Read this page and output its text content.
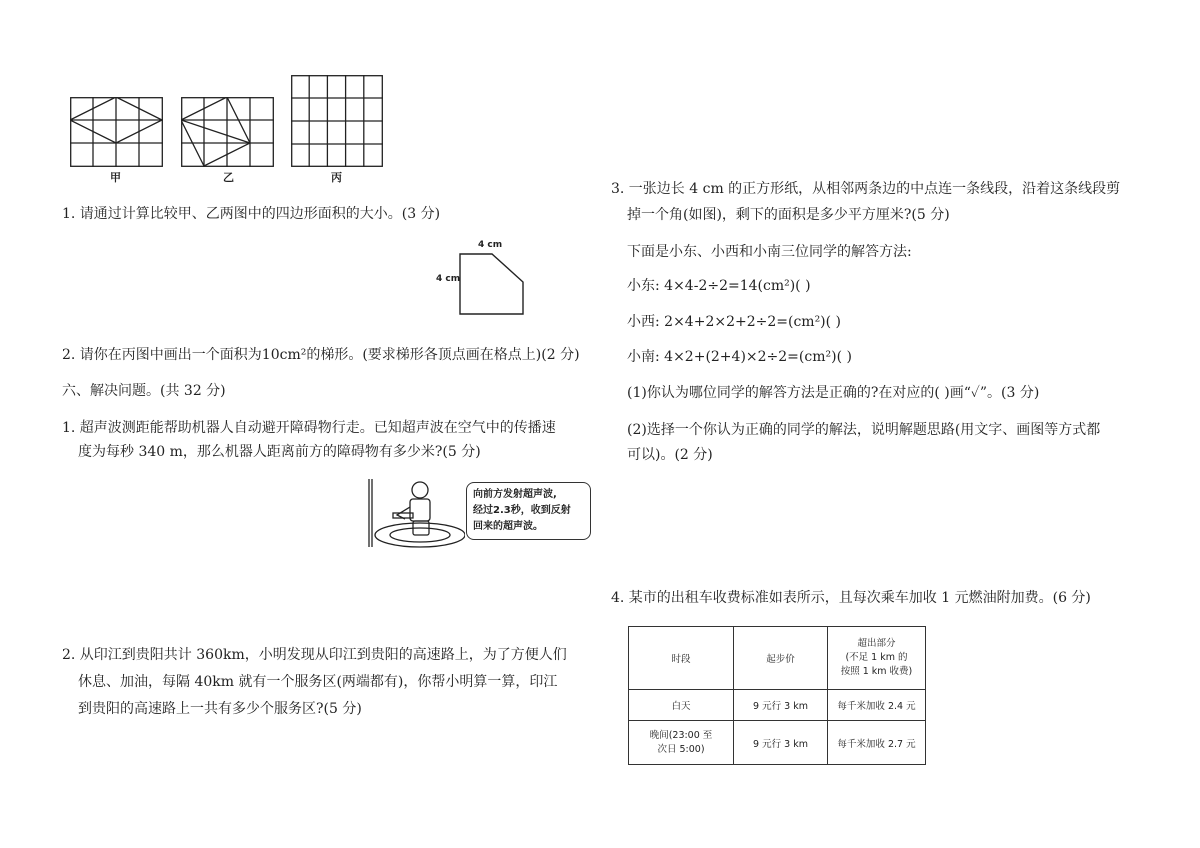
甲	乙	丙
1. 请通过计算比较甲、乙两图中的四边形面积的大小。(3 分)
4 cm
4 cm
2. 请你在丙图中画出一个面积为10cm²的梯形。(要求梯形各顶点画在格点上)(2 分)
六、解决问题。(共 32 分)
1. 超声波测距能帮助机器人自动避开障碍物行走。已知超声波在空气中的传播速
度为每秒 340 m，那么机器人距离前方的障碍物有多少米?(5 分)
向前方发射超声波,
经过2.3秒，收到反射
回来的超声波。
2. 从印江到贵阳共计 360km，小明发现从印江到贵阳的高速路上，为了方便人们
休息、加油，每隔 40km 就有一个服务区(两端都有)，你帮小明算一算，印江
到贵阳的高速路上一共有多少个服务区?(5 分)
3. 一张边长 4 cm 的正方形纸，从相邻两条边的中点连一条线段，沿着这条线段剪
掉一个角(如图)，剩下的面积是多少平方厘米?(5 分)
下面是小东、小西和小南三位同学的解答方法:
小东: 4×4-2÷2=14(cm²)( )
小西: 2×4+2×2+2÷2=(cm²)( )
小南: 4×2+(2+4)×2÷2=(cm²)( )
(1)你认为哪位同学的解答方法是正确的?在对应的( )画“✓”。(3 分)
(2)选择一个你认为正确的同学的解法，说明解题思路(用文字、画图等方式都
可以)。(2 分)
4. 某市的出租车收费标准如表所示，且每次乘车加收 1 元燃油附加费。(6 分)
时段	起步价	超出部分
(不足 1 km 的
按照 1 km 收费)

白天	9 元行 3 km	每千米加收 2.4 元

晚间(23:00 至
次日 5:00)	9 元行 3 km	每千米加收 2.7 元
